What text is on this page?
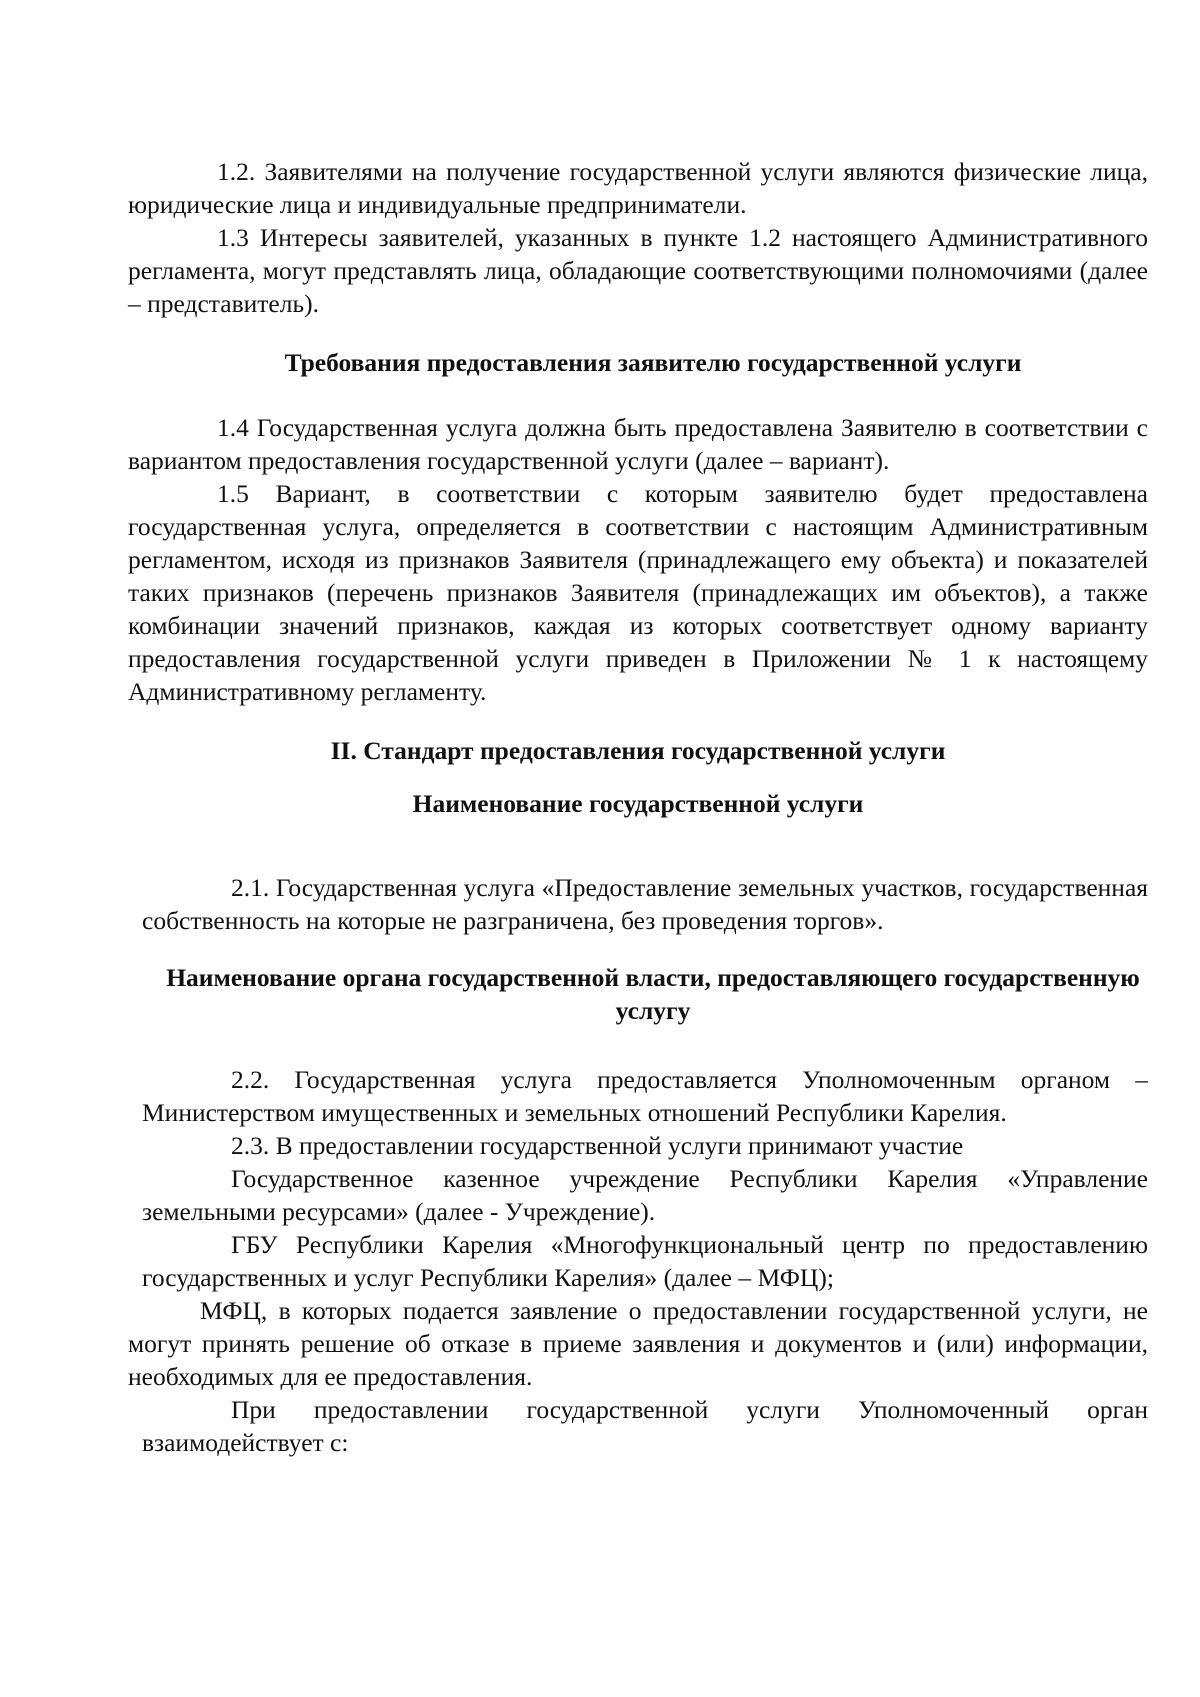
1.2. Заявителями на получение государственной услуги являются физические лица, юридические лица и индивидуальные предприниматели.

1.3 Интересы заявителей, указанных в пункте 1.2 настоящего Административного регламента, могут представлять лица, обладающие соответствующими полномочиями (далее – представитель).

Требования предоставления заявителю государственной услуги

1.4 Государственная услуга должна быть предоставлена Заявителю в соответствии с вариантом предоставления государственной услуги (далее – вариант).

1.5 Вариант, в соответствии с которым заявителю будет предоставлена государственная услуга, определяется в соответствии с настоящим Административным регламентом, исходя из признаков Заявителя (принадлежащего ему объекта) и показателей таких признаков (перечень признаков Заявителя (принадлежащих им объектов), а также комбинации значений признаков, каждая из которых соответствует одному варианту предоставления государственной услуги приведен в Приложении № 1 к настоящему Административному регламенту.

II. Стандарт предоставления государственной услуги
Наименование государственной услуги

2.1. Государственная услуга «Предоставление земельных участков, государственная собственность на которые не разграничена, без проведения торгов».

Наименование органа государственной власти, предоставляющего государственную услугу

2.2. Государственная услуга предоставляется Уполномоченным органом – Министерством имущественных и земельных отношений Республики Карелия.

2.3. В предоставлении государственной услуги принимают участие

Государственное казенное учреждение Республики Карелия «Управление земельными ресурсами» (далее - Учреждение).

ГБУ Республики Карелия «Многофункциональный центр по предоставлению государственных и услуг Республики Карелия» (далее – МФЦ);

МФЦ, в которых подается заявление о предоставлении государственной услуги, не могут принять решение об отказе в приеме заявления и документов и (или) информации, необходимых для ее предоставления.

При предоставлении государственной услуги Уполномоченный орган взаимодействует с:
